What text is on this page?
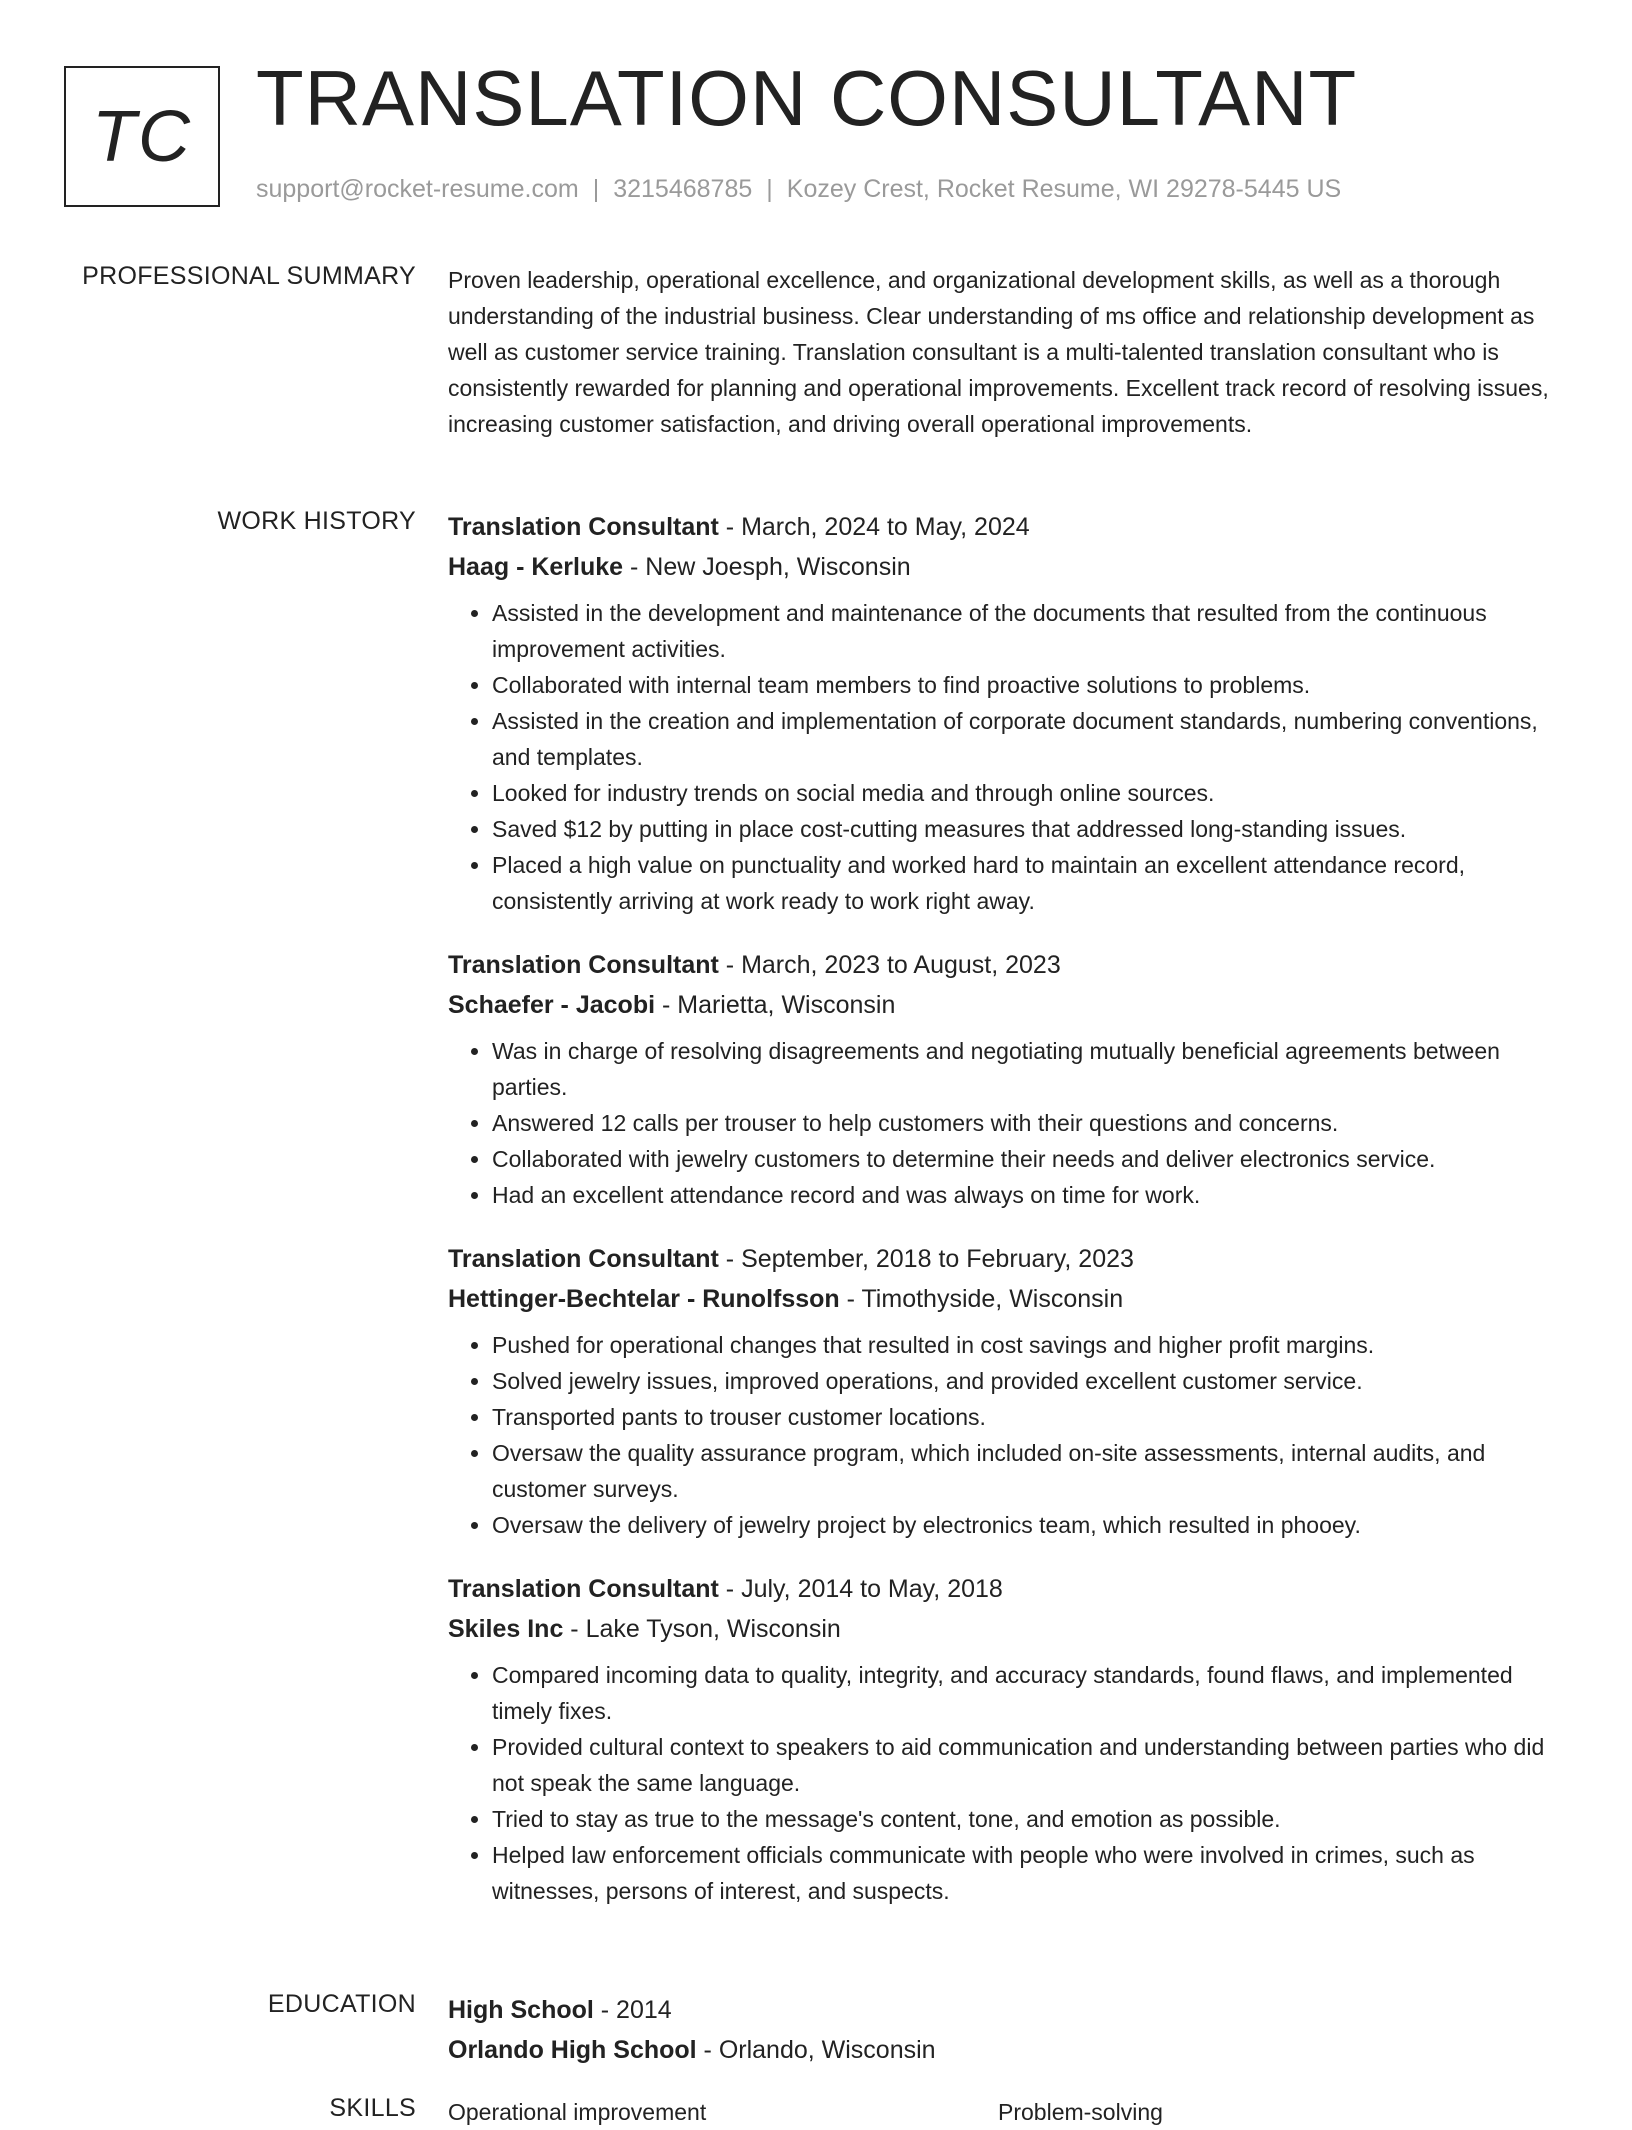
TC TRANSLATION CONSULTANT
support@rocket-resume.com | 3215468785 | Kozey Crest, Rocket Resume, WI 29278-5445 US
PROFESSIONAL SUMMARY Proven leadership, operational excellence, and organizational development skills, as well as a thorough understanding of the industrial business. Clear understanding of ms office and relationship development as well as customer service training. Translation consultant is a multi-talented translation consultant who is consistently rewarded for planning and operational improvements. Excellent track record of resolving issues, increasing customer satisfaction, and driving overall operational improvements.

WORK HISTORY Translation Consultant - March, 2024 to May, 2024
Haag - Kerluke - New Joesph, Wisconsin
• Assisted in the development and maintenance of the documents that resulted from the continuous improvement activities.
• Collaborated with internal team members to find proactive solutions to problems.
• Assisted in the creation and implementation of corporate document standards, numbering conventions, and templates.
• Looked for industry trends on social media and through online sources.
• Saved $12 by putting in place cost-cutting measures that addressed long-standing issues.
• Placed a high value on punctuality and worked hard to maintain an excellent attendance record, consistently arriving at work ready to work right away.
Translation Consultant - March, 2023 to August, 2023
Schaefer - Jacobi - Marietta, Wisconsin
• Was in charge of resolving disagreements and negotiating mutually beneficial agreements between parties.
• Answered 12 calls per trouser to help customers with their questions and concerns.
• Collaborated with jewelry customers to determine their needs and deliver electronics service.
• Had an excellent attendance record and was always on time for work.
Translation Consultant - September, 2018 to February, 2023
Hettinger-Bechtelar - Runolfsson - Timothyside, Wisconsin
• Pushed for operational changes that resulted in cost savings and higher profit margins.
• Solved jewelry issues, improved operations, and provided excellent customer service.
• Transported pants to trouser customer locations.
• Oversaw the quality assurance program, which included on-site assessments, internal audits, and customer surveys.
• Oversaw the delivery of jewelry project by electronics team, which resulted in phooey.
Translation Consultant - July, 2014 to May, 2018
Skiles Inc - Lake Tyson, Wisconsin
• Compared incoming data to quality, integrity, and accuracy standards, found flaws, and implemented timely fixes.
• Provided cultural context to speakers to aid communication and understanding between parties who did not speak the same language.
• Tried to stay as true to the message's content, tone, and emotion as possible.
• Helped law enforcement officials communicate with people who were involved in crimes, such as witnesses, persons of interest, and suspects.
EDUCATION High School - 2014
Orlando High School - Orlando, Wisconsin
SKILLS Operational improvement	Problem-solving
